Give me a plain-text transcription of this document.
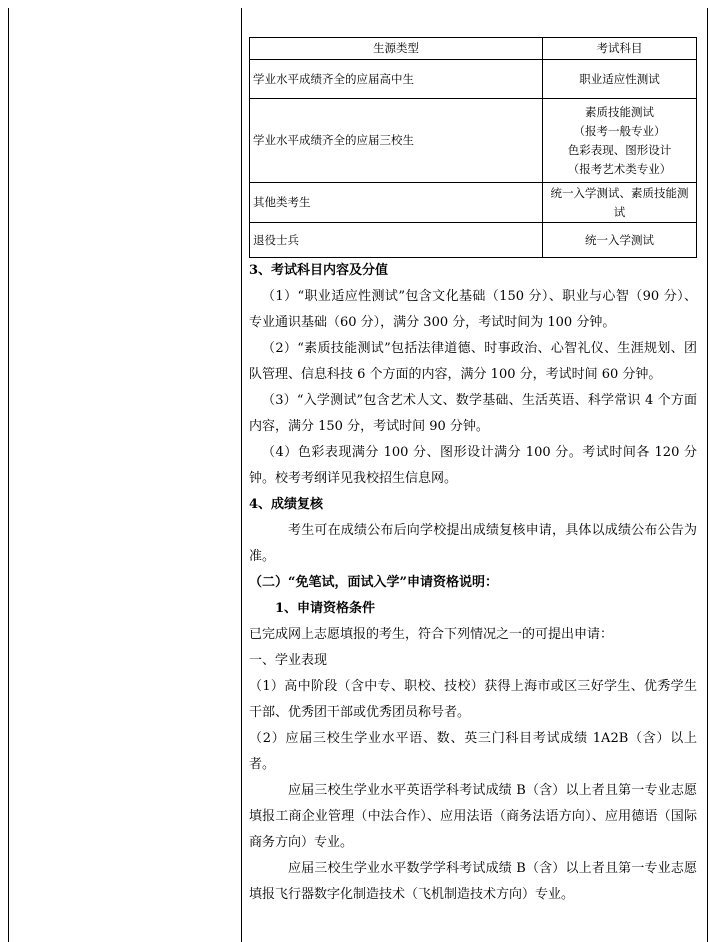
生源类型	考试科目
学业水平成绩齐全的应届高中生	职业适应性测试
学业水平成绩齐全的应届三校生	素质技能测试
（报考一般专业）
色彩表现、图形设计
（报考艺术类专业）

其他类考生	统一入学测试、素质技能测试
退役士兵	统一入学测试

3、考试科目内容及分值

（1）“职业适应性测试”包含文化基础（150 分）、职业与心智（90 分）、专业通识基础（60 分），满分 300 分，考试时间为 100 分钟。

（2）“素质技能测试”包括法律道德、时事政治、心智礼仪、生涯规划、团队管理、信息科技 6 个方面的内容，满分 100 分，考试时间 60 分钟。

（3）“入学测试”包含艺术人文、数学基础、生活英语、科学常识 4 个方面内容，满分 150 分，考试时间 90 分钟。

（4）色彩表现满分 100 分、图形设计满分 100 分。考试时间各 120 分钟。校考考纲详见我校招生信息网。

4、成绩复核

考生可在成绩公布后向学校提出成绩复核申请，具体以成绩公布公告为准。

（二）“免笔试，面试入学”申请资格说明：

1、申请资格条件

已完成网上志愿填报的考生，符合下列情况之一的可提出申请：

一、学业表现

（1）高中阶段（含中专、职校、技校）获得上海市或区三好学生、优秀学生干部、优秀团干部或优秀团员称号者。

（2）应届三校生学业水平语、数、英三门科目考试成绩 1A2B（含）以上者。

应届三校生学业水平英语学科考试成绩 B（含）以上者且第一专业志愿填报工商企业管理（中法合作）、应用法语（商务法语方向）、应用德语（国际商务方向）专业。

应届三校生学业水平数学学科考试成绩 B（含）以上者且第一专业志愿填报飞行器数字化制造技术（飞机制造技术方向）专业。
